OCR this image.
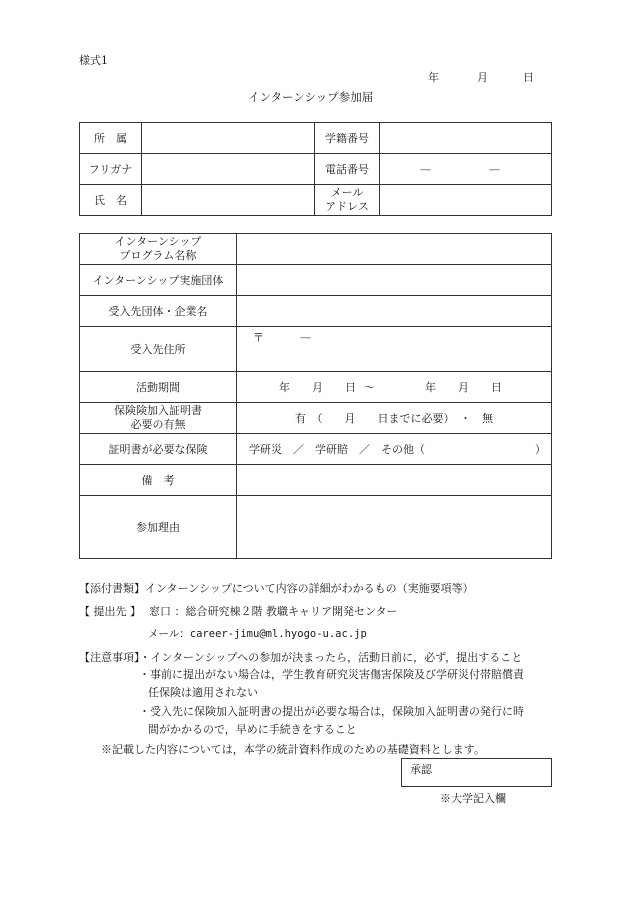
様式1
年	月	日
インターンシップ参加届
所　属		学籍番号	
フリガナ		電話番号	— —
氏　名		メール
アドレス	

インターンシップ
プログラム名称	

インターンシップ実施団体	
受入先団体・企業名	
受入先住所	〒 —
活動期間	年 月 日 ～ 年 月 日

保険険加入証明書
必要の有無	有　（　　月　　日までに必要）　・　無
証明書が必要な保険	学研災　／　学研賠　／　その他（　　　　　　　　　　）
備　考	
参加理由	
【添付書類】インターンシップについて内容の詳細がわかるもの（実施要項等）
【 提出先 】 窓口 ：総合研究棟２階 教職キャリア開発センター
メール：career-jimu@ml.hyogo-u.ac.jp
【注意事項】・インターンシップへの参加が決まったら，活動日前に，必ず，提出すること
・事前に提出がない場合は，学生教育研究災害傷害保険及び学研災付帯賠償責
任保険は適用されない
・受入先に保険加入証明書の提出が必要な場合は，保険加入証明書の発行に時
間がかかるので，早めに手続きをすること
※記載した内容については，本学の統計資料作成のための基礎資料とします。
承認
※大学記入欄
